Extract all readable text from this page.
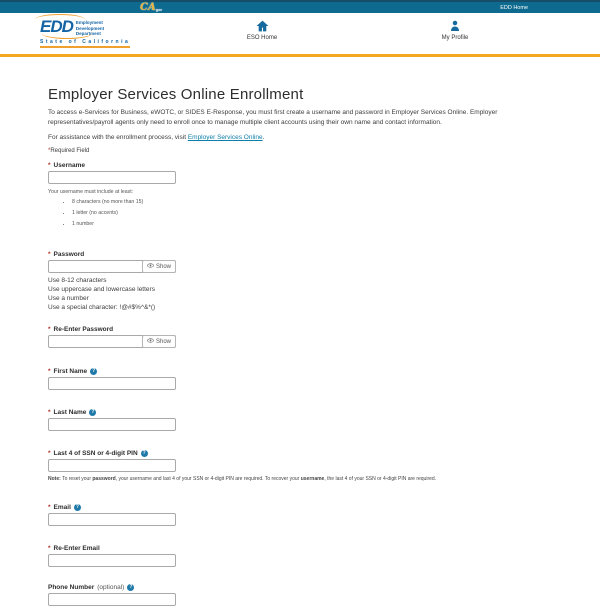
CAgov	EDD Home
EDD Employment
Development
Department
State of California
ESO Home	My Profile
Employer Services Online Enrollment

To access e-Services for Business, eWOTC, or SIDES E-Response, you must first create a username and password in Employer Services Online. Employer representatives/payroll agents only need to enroll once to manage multiple client accounts using their own name and contact information.

For assistance with the enrollment process, visit Employer Services Online.

*Required Field

* Username
Your username must include at least:
• 8 characters (no more than 15)
• 1 letter (no accents)
• 1 number
* Password
Show
Use 8-12 characters
Use uppercase and lowercase letters
Use a number
Use a special character: !@#$%^&*()
* Re-Enter Password
Show
* First Name ?
* Last Name ?
* Last 4 of SSN or 4-digit PIN ?

Note: To reset your password, your username and last 4 of your SSN or 4-digit PIN are required. To recover your username, the last 4 of your SSN or 4-digit PIN are required.

* Email ?
* Re-Enter Email
Phone Number (optional) ?
